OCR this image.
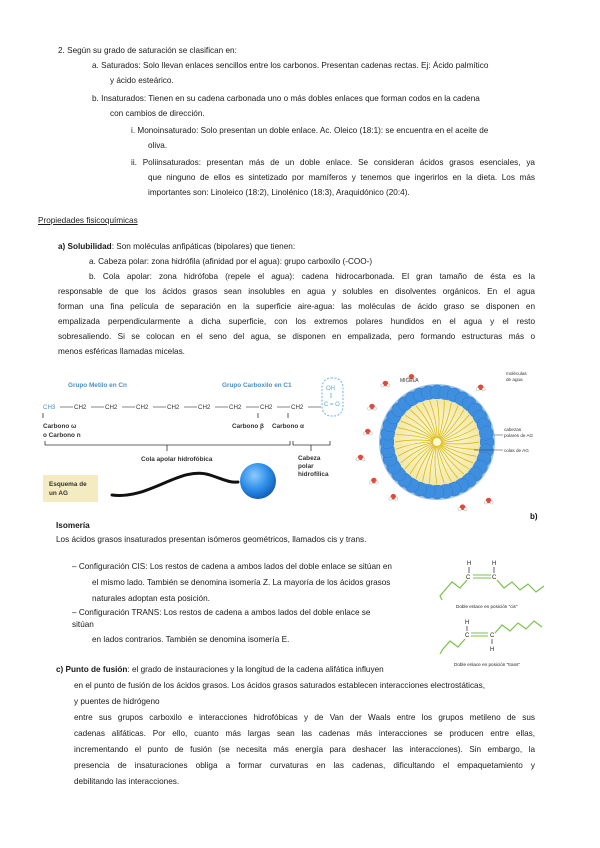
2. Según su grado de saturación se clasifican en:
a. Saturados: Solo llevan enlaces sencillos entre los carbonos. Presentan cadenas rectas. Ej: Ácido palmítico
y ácido esteárico.
b. Insaturados: Tienen en su cadena carbonada uno o más dobles enlaces que forman codos en la cadena
con cambios de dirección.
i. Monoinsaturado: Solo presentan un doble enlace. Ac. Oleico (18:1): se encuentra en el aceite de
oliva.
ii. Poliinsaturados: presentan más de un doble enlace. Se consideran ácidos grasos esenciales, ya
que ninguno de ellos es sintetizado por mamíferos y tenemos que ingerirlos en la dieta. Los más
importantes son: Linoleico (18:2), Linolénico (18:3), Araquidónico (20:4).
Propiedades fisicoquímicas
a) Solubilidad: Son moléculas anfipáticas (bipolares) que tienen:
a. Cabeza polar: zona hidrófila (afinidad por el agua): grupo carboxilo (-COO-)
b. Cola apolar: zona hidrófoba (repele el agua): cadena hidrocarbonada. El gran tamaño de ésta es la
responsable de que los ácidos grasos sean insolubles en agua y solubles en disolventes orgánicos. En el agua
forman una fina película de separación en la superficie aire-agua: las moléculas de ácido graso se disponen en
empalizada perpendicularmente a dicha superficie, con los extremos polares hundidos en el agua y el resto
sobresaliendo. Si se colocan en el seno del agua, se disponen en empalizada, pero formando estructuras más o
menos esféricas llamadas micelas.
Grupo Metilo en Cn	Grupo Carboxilo en C1	OH
C = O
CH3	CH2	CH2	CH2	CH2	CH2	CH2	CH2	CH2
Carbono ω
o Carbono n
Carbono β Carbono α
Cola apolar hidrofóbica	Cabeza
polar
hidrofílica
Esquema de
un AG
MICELA
moléculas
de agua
cabezas
polares de AG
colas de AG
b)
Isomería
Los ácidos grasos insaturados presentan isómeros geométricos, llamados cis y trans.
– Configuración CIS: Los restos de cadena a ambos lados del doble enlace se sitúan en
el mismo lado. También se denomina isomería Z. La mayoría de los ácidos grasos
naturales adoptan esta posición.
– Configuración TRANS: Los restos de cadena a ambos lados del doble enlace se
sitúan
en lados contrarios. También se denomina isomería E.
H	H
C	C
Doble enlace en posición "cis"
H
C	C
H
Doble enlace en posición "trans"
c) Punto de fusión: el grado de instauraciones y la longitud de la cadena alifática influyen
en el punto de fusión de los ácidos grasos. Los ácidos grasos saturados establecen interacciones electrostáticas,
y puentes de hidrógeno
entre sus grupos carboxilo e interacciones hidrofóbicas y de Van der Waals entre los grupos metileno de sus
cadenas alifáticas. Por ello, cuanto más largas sean las cadenas más interacciones se producen entre ellas,
incrementando el punto de fusión (se necesita más energía para deshacer las interacciones). Sin embargo, la
presencia de insaturaciones obliga a formar curvaturas en las cadenas, dificultando el empaquetamiento y
debilitando las interacciones.
